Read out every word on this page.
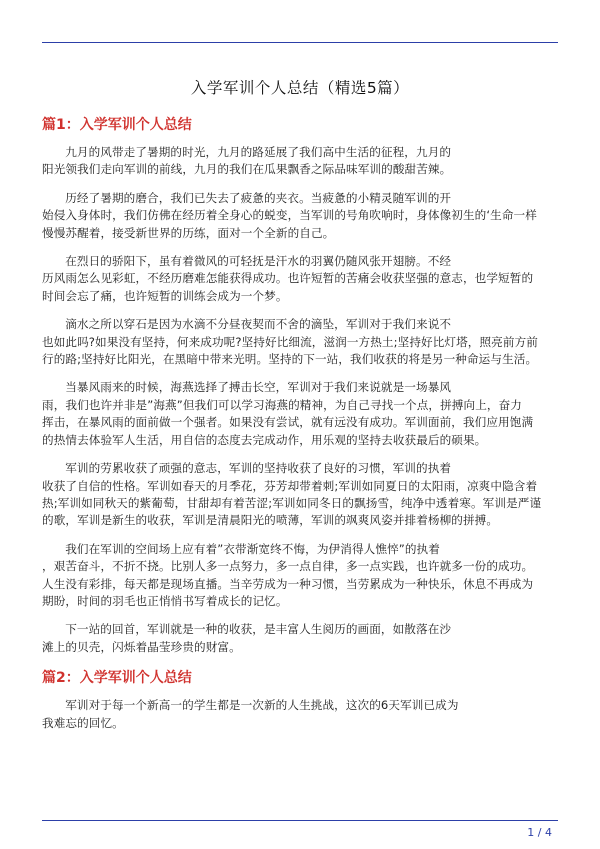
入学军训个人总结（精选5篇）
篇1：入学军训个人总结

九月的风带走了暑期的时光，九月的路延展了我们高中生活的征程，九月的
阳光领我们走向军训的前线，九月的我们在瓜果飘香之际品味军训的酸甜苦辣。

历经了暑期的磨合，我们已失去了疲惫的夹衣。当疲惫的小精灵随军训的开
始侵入身体时，我们仿佛在经历着全身心的蜕变，当军训的号角吹响时，身体像初生的‘生命一样
慢慢苏醒着，接受新世界的历练，面对一个全新的自己。

在烈日的骄阳下，虽有着微风的可轻抚是汗水的羽翼仍随风张开翅膀。不经
历风雨怎么见彩虹，不经历磨难怎能获得成功。也许短暂的苦痛会收获坚强的意志，也学短暂的
时间会忘了痛，也许短暂的训练会成为一个梦。

滴水之所以穿石是因为水滴不分昼夜契而不舍的滴坠，军训对于我们来说不
也如此吗?如果没有坚持，何来成功呢?坚持好比细流，滋润一方热土;坚持好比灯塔，照亮前方前
行的路;坚持好比阳光，在黑暗中带来光明。坚持的下一站，我们收获的将是另一种命运与生活。

当暴风雨来的时候，海燕选择了搏击长空，军训对于我们来说就是一场暴风
雨，我们也许并非是”海燕”但我们可以学习海燕的精神，为自己寻找一个点，拼搏向上，奋力
挥击，在暴风雨的面前做一个强者。如果没有尝试，就有远没有成功。军训面前，我们应用饱满
的热情去体验军人生活，用自信的态度去完成动作，用乐观的坚持去收获最后的硕果。

军训的劳累收获了顽强的意志，军训的坚持收获了良好的习惯，军训的执着
收获了自信的性格。军训如春天的月季花，芬芳却带着刺;军训如同夏日的太阳雨，凉爽中隐含着
热;军训如同秋天的紫葡萄，甘甜却有着苦涩;军训如同冬日的飘扬雪，纯净中透着寒。军训是严谨
的歌，军训是新生的收获，军训是清晨阳光的喷薄，军训的飒爽风姿并排着杨柳的拼搏。

我们在军训的空间场上应有着”衣带渐宽终不悔，为伊消得人憔悴”的执着
，艰苦奋斗，不折不挠。比别人多一点努力，多一点自律，多一点实践，也许就多一份的成功。
人生没有彩排，每天都是现场直播。当辛劳成为一种习惯，当劳累成为一种快乐，休息不再成为
期盼，时间的羽毛也正悄悄书写着成长的记忆。

下一站的回首，军训就是一种的收获，是丰富人生阅历的画面，如散落在沙
滩上的贝壳，闪烁着晶莹珍贵的财富。

篇2：入学军训个人总结

军训对于每一个新高一的学生都是一次新的人生挑战，这次的6天军训已成为
我难忘的回忆。

1 / 4
